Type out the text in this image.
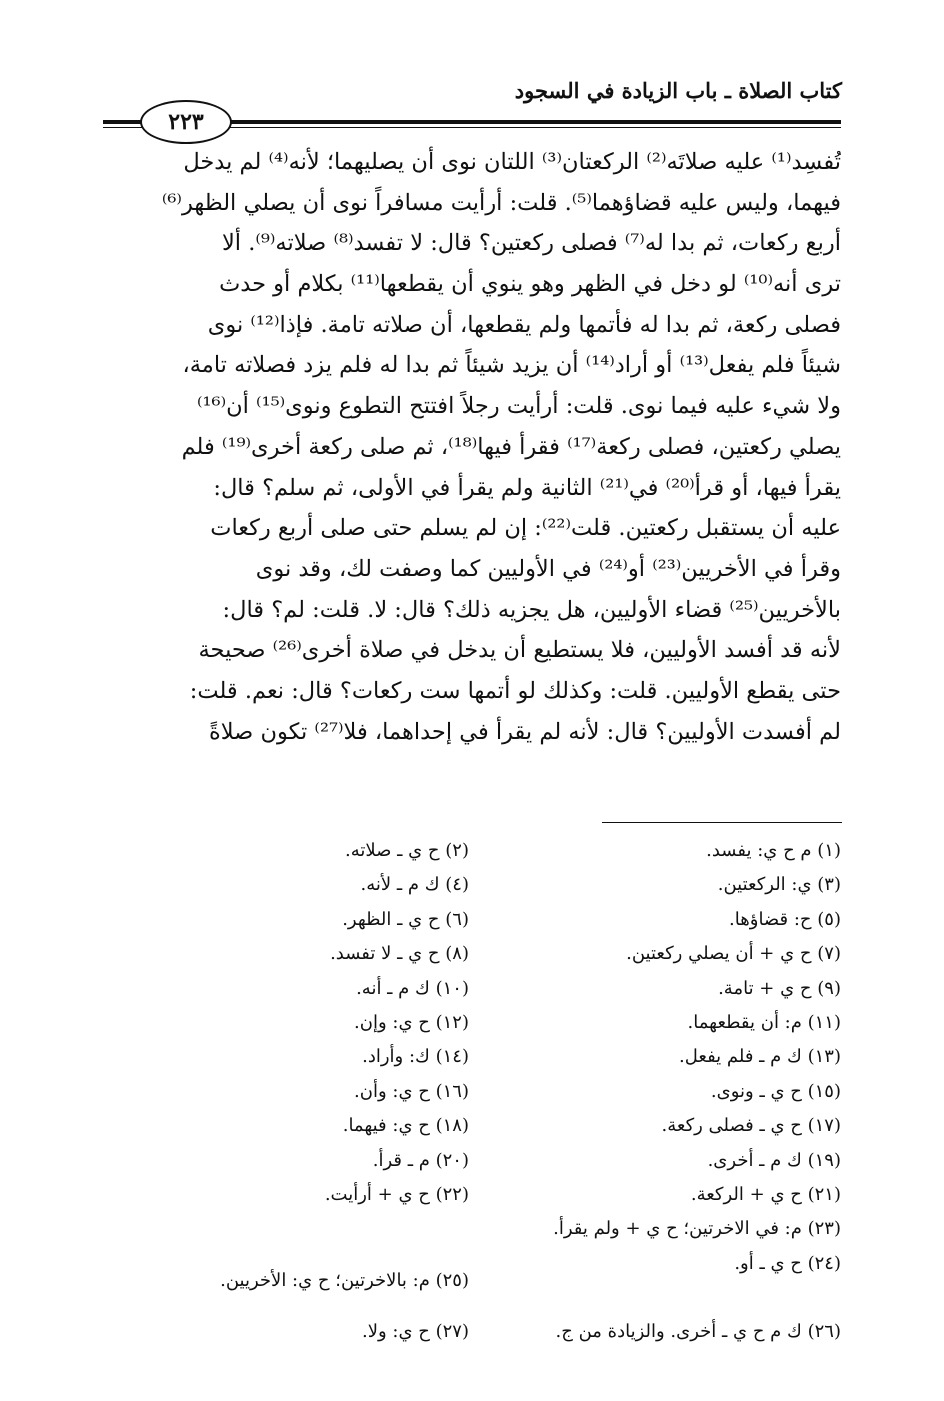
كتاب الصلاة ـ باب الزيادة في السجود
٢٢٣
تُفسِد⁽¹⁾ عليه صلاتَه⁽²⁾ الركعتان⁽³⁾ اللتان نوى أن يصليهما؛ لأنه⁽⁴⁾ لم يدخل
فيهما، وليس عليه قضاؤهما⁽⁵⁾. قلت: أرأيت مسافراً نوى أن يصلي الظهر⁽⁶⁾
أربع ركعات، ثم بدا له⁽⁷⁾ فصلى ركعتين؟ قال: لا تفسد⁽⁸⁾ صلاته⁽⁹⁾. ألا
ترى أنه⁽¹⁰⁾ لو دخل في الظهر وهو ينوي أن يقطعها⁽¹¹⁾ بكلام أو حدث
فصلى ركعة، ثم بدا له فأتمها ولم يقطعها، أن صلاته تامة. فإذا⁽¹²⁾ نوى
شيئاً فلم يفعل⁽¹³⁾ أو أراد⁽¹⁴⁾ أن يزيد شيئاً ثم بدا له فلم يزد فصلاته تامة،
ولا شيء عليه فيما نوى. قلت: أرأيت رجلاً افتتح التطوع ونوى⁽¹⁵⁾ أن⁽¹⁶⁾
يصلي ركعتين، فصلى ركعة⁽¹⁷⁾ فقرأ فيها⁽¹⁸⁾، ثم صلى ركعة أخرى⁽¹⁹⁾ فلم
يقرأ فيها، أو قرأ⁽²⁰⁾ في⁽²¹⁾ الثانية ولم يقرأ في الأولى، ثم سلم؟ قال:
عليه أن يستقبل ركعتين. قلت⁽²²⁾: إن لم يسلم حتى صلى أربع ركعات
وقرأ في الأخريين⁽²³⁾ أو⁽²⁴⁾ في الأوليين كما وصفت لك، وقد نوى
بالأخريين⁽²⁵⁾ قضاء الأوليين، هل يجزيه ذلك؟ قال: لا. قلت: لم؟ قال:
لأنه قد أفسد الأوليين، فلا يستطيع أن يدخل في صلاة أخرى⁽²⁶⁾ صحيحة
حتى يقطع الأوليين. قلت: وكذلك لو أتمها ست ركعات؟ قال: نعم. قلت:
لم أفسدت الأوليين؟ قال: لأنه لم يقرأ في إحداهما، فلا⁽²⁷⁾ تكون صلاةً
(١) م ح ي: يفسد.
(٢) ح ي ـ صلاته.
(٣) ي: الركعتين.
(٤) ك م ـ لأنه.
(٥) ح: قضاؤها.
(٦) ح ي ـ الظهر.
(٧) ح ي + أن يصلي ركعتين.
(٨) ح ي ـ لا تفسد.
(٩) ح ي + تامة.
(١٠) ك م ـ أنه.
(١١) م: أن يقطعهما.
(١٢) ح ي: وإن.
(١٣) ك م ـ فلم يفعل.
(١٤) ك: وأراد.
(١٥) ح ي ـ ونوى.
(١٦) ح ي: وأن.
(١٧) ح ي ـ فصلى ركعة.
(١٨) ح ي: فيهما.
(١٩) ك م ـ أخرى.
(٢٠) م ـ قرأ.
(٢١) ح ي + الركعة.
(٢٢) ح ي + أرأيت.
(٢٣) م: في الاخرتين؛ ح ي + ولم يقرأ.
(٢٤) ح ي ـ أو.
(٢٥) م: بالاخرتين؛ ح ي: الأخريين.
(٢٦) ك م ح ي ـ أخرى. والزيادة من ج.
(٢٧) ح ي: ولا.
